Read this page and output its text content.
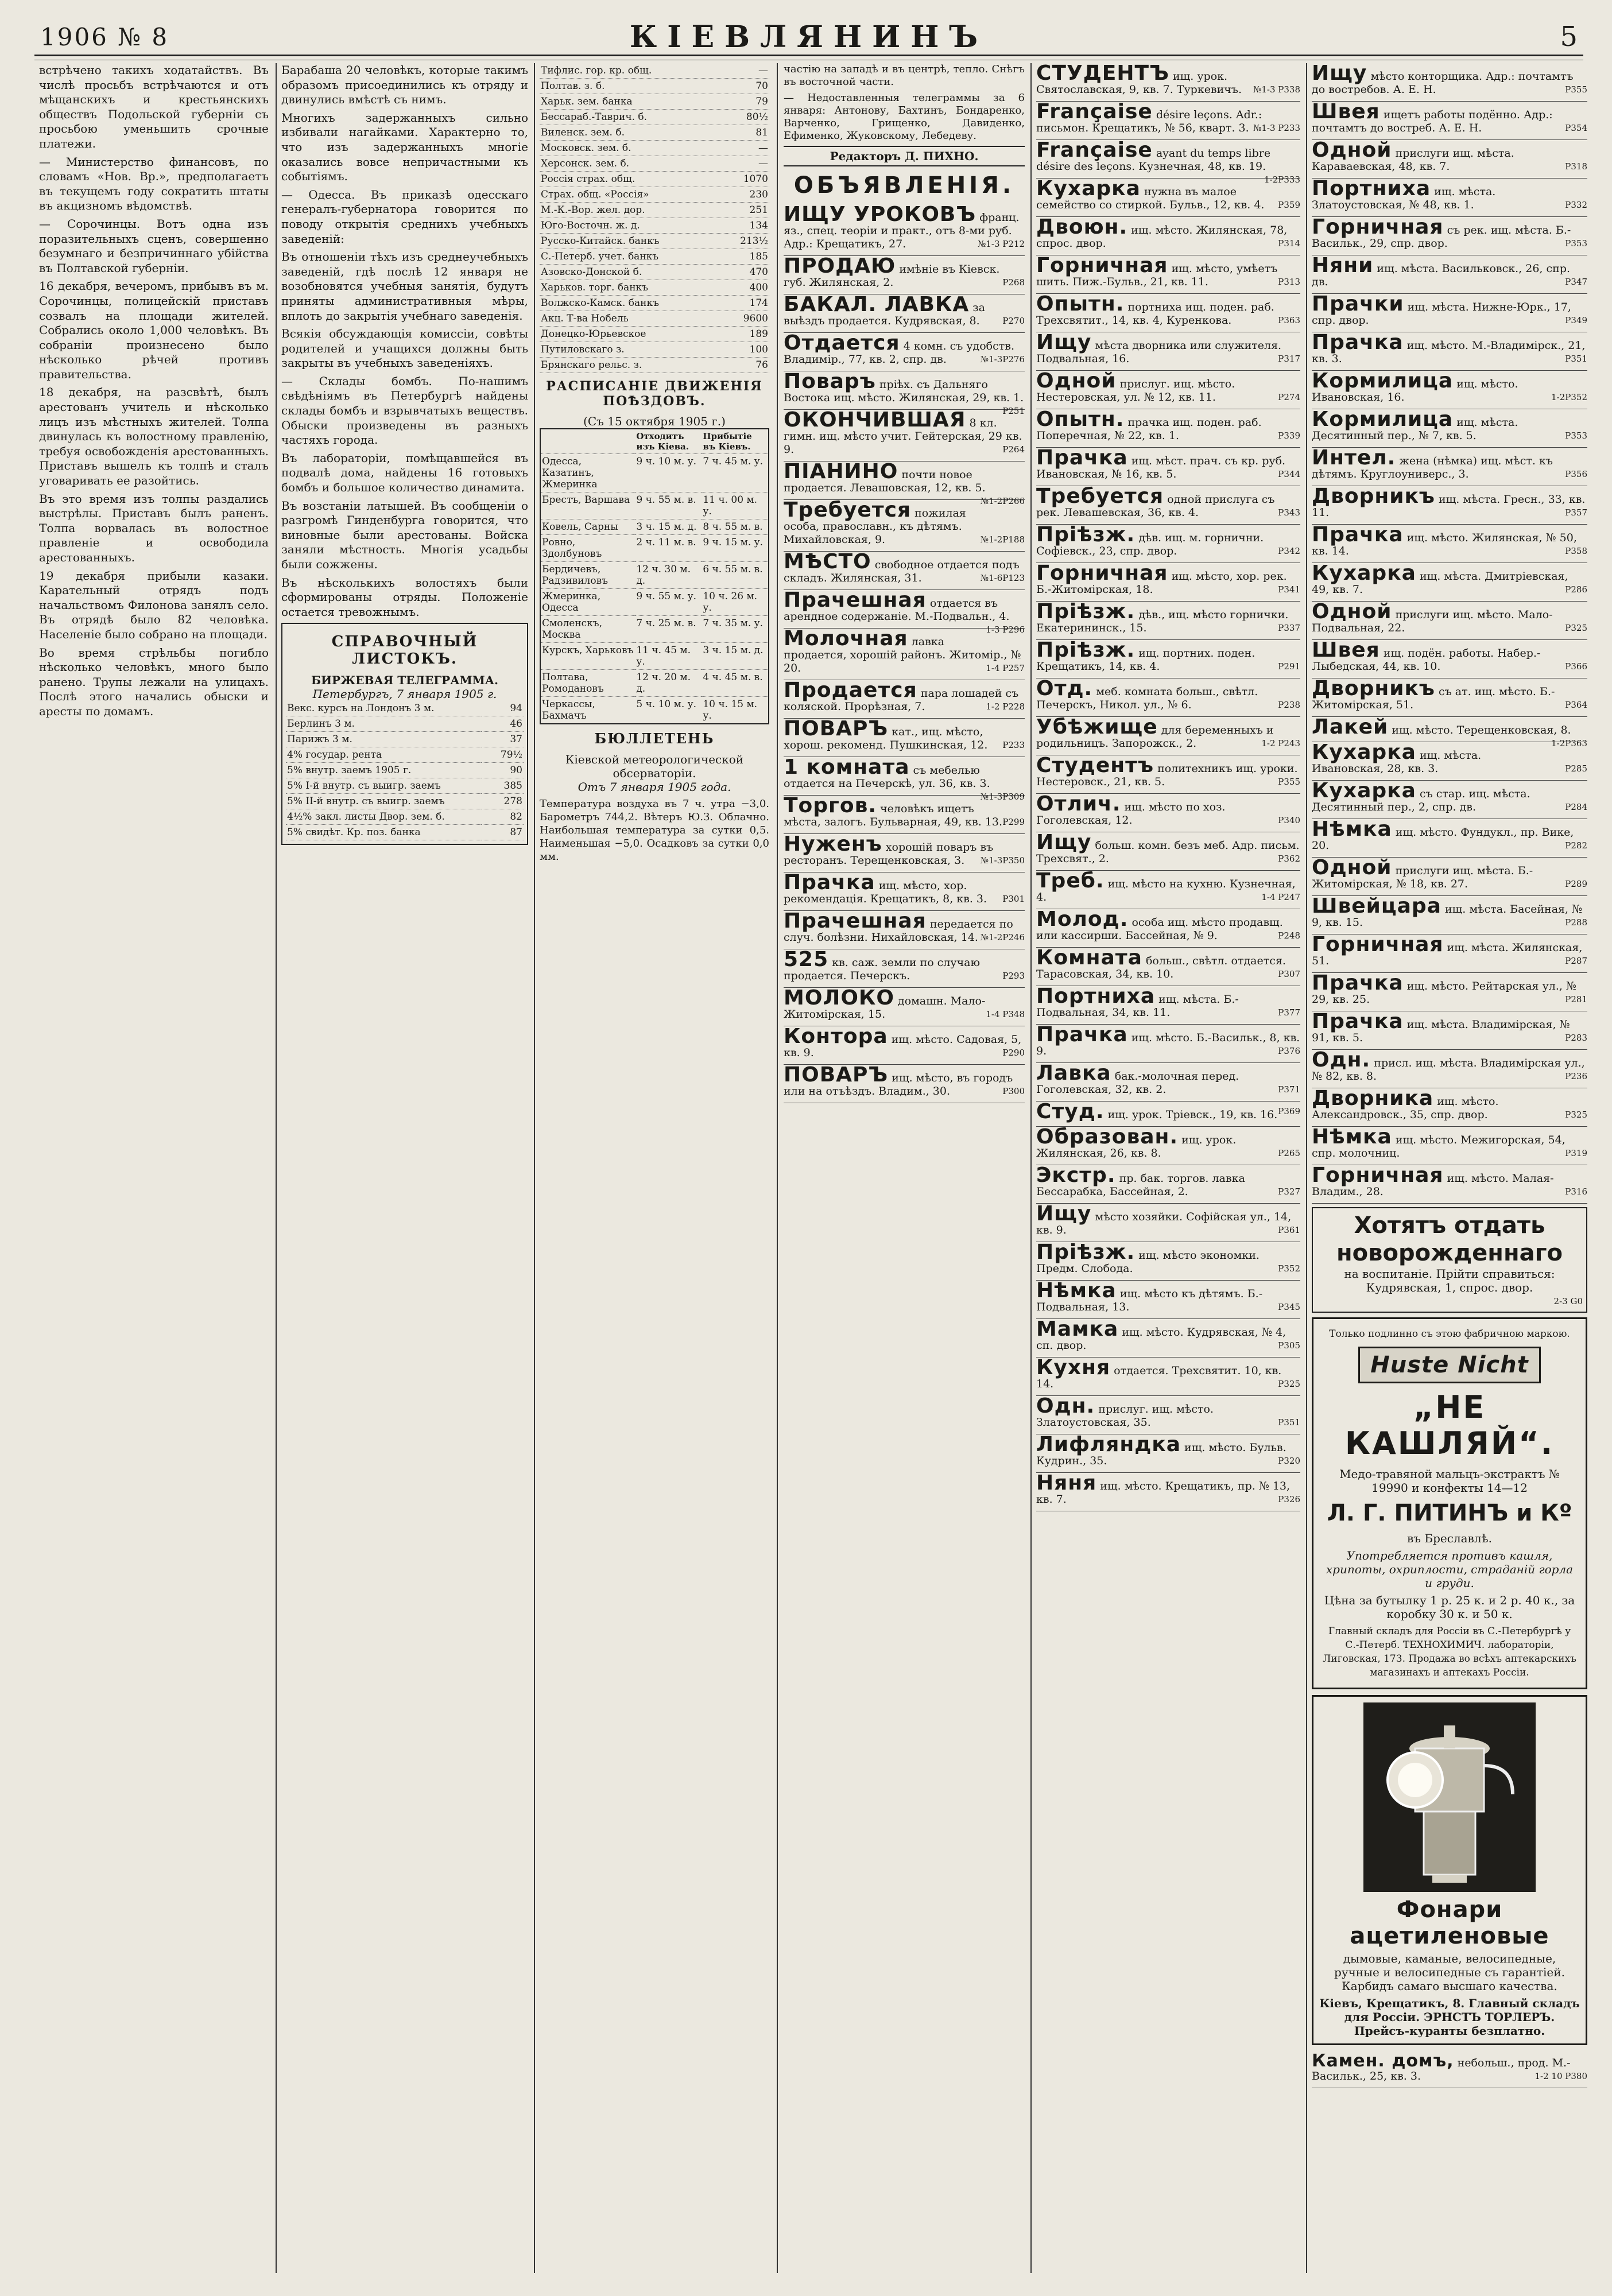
1906 № 8	КІЕВЛЯНИНЪ	5

встрѣчено такихъ ходатайствъ. Въ числѣ просьбъ встрѣчаются и отъ мѣщанскихъ и крестьянскихъ обществъ Подольской губерніи съ просьбою уменьшить срочные платежи.

— Министерство финансовъ, по словамъ «Нов. Вр.», предполагаетъ въ текущемъ году сократить штаты въ акцизномъ вѣдомствѣ.

— Сорочинцы. Вотъ одна изъ поразительныхъ сценъ, совершенно безумнаго и безпричиннаго убійства въ Полтавской губерніи.

16 декабря, вечеромъ, прибывъ въ м. Сорочинцы, полицейскій приставъ созвалъ на площади жителей. Собрались около 1,000 человѣкъ. Въ собраніи произнесено было нѣсколько рѣчей противъ правительства.

18 декабря, на разсвѣтѣ, былъ арестованъ учитель и нѣсколько лицъ изъ мѣстныхъ жителей. Толпа двинулась къ волостному правленію, требуя освобожденія арестованныхъ. Приставъ вышелъ къ толпѣ и сталъ уговаривать ее разойтись.

Въ это время изъ толпы раздались выстрѣлы. Приставъ былъ раненъ. Толпа ворвалась въ волостное правленіе и освободила арестованныхъ.

19 декабря прибыли казаки. Карательный отрядъ подъ начальствомъ Филонова занялъ село. Въ отрядѣ было 82 человѣка. Населеніе было собрано на площади.

Во время стрѣльбы погибло нѣсколько человѣкъ, много было ранено. Трупы лежали на улицахъ. Послѣ этого начались обыски и аресты по домамъ.

Барабаша 20 человѣкъ, которые такимъ образомъ присоединились къ отряду и двинулись вмѣстѣ съ нимъ.

Многихъ задержанныхъ сильно избивали нагайками. Характерно то, что изъ задержанныхъ многіе оказались вовсе непричастными къ событіямъ.

— Одесса. Въ приказѣ одесскаго генералъ-губернатора говорится по поводу открытія среднихъ учебныхъ заведеній:

Въ отношеніи тѣхъ изъ среднеучебныхъ заведеній, гдѣ послѣ 12 января не возобновятся учебныя занятія, будутъ приняты административныя мѣры, вплоть до закрытія учебнаго заведенія.

Всякія обсуждающія комиссіи, совѣты родителей и учащихся должны быть закрыты въ учебныхъ заведеніяхъ.

— Склады бомбъ. По-нашимъ свѣдѣніямъ въ Петербургѣ найдены склады бомбъ и взрывчатыхъ веществъ. Обыски произведены въ разныхъ частяхъ города.

Въ лабораторіи, помѣщавшейся въ подвалѣ дома, найдены 16 готовыхъ бомбъ и большое количество динамита.

Въ возстаніи латышей. Въ сообщеніи о разгромѣ Гинденбурга говорится, что виновные были арестованы. Войска заняли мѣстность. Многія усадьбы были сожжены.

Въ нѣсколькихъ волостяхъ были сформированы отряды. Положеніе остается тревожнымъ.

СПРАВОЧНЫЙ ЛИСТОКЪ.
БИРЖЕВАЯ ТЕЛЕГРАММА.
Петербургъ, 7 января 1905 г.
Векс. курсъ на Лондонъ 3 м.	94
Берлинъ 3 м.	46
Парижъ 3 м.	37
4% государ. рента	79½
5% внутр. заемъ 1905 г.	90
5% I-й внутр. съ выигр. заемъ	385
5% II-й внутр. съ выигр. заемъ	278
4½% закл. листы Двор. зем. б.	82
5% свидѣт. Кр. поз. банка	87
Тифлис. гор. кр. общ.	—
Полтав. з. б.	70
Харьк. зем. банка	79
Бессараб.-Таврич. б.	80½
Виленск. зем. б.	81
Московск. зем. б.	—
Херсонск. зем. б.	—
Россія страх. общ.	1070
Страх. общ. «Россія»	230
М.-К.-Вор. жел. дор.	251
Юго-Восточн. ж. д.	134
Русско-Китайск. банкъ	213½
С.-Петерб. учет. банкъ	185
Азовско-Донской б.	470
Харьков. торг. банкъ	400
Волжско-Камск. банкъ	174
Акц. Т-ва Нобель	9600
Донецко-Юрьевское	189
Путиловскаго з.	100
Брянскаго рельс. з.	76
РАСПИСАНІЕ ДВИЖЕНІЯ ПОѢЗДОВЪ.
(Съ 15 октября 1905 г.)
	Отходитъ изъ Кіева.	Прибытіе въ Кіевъ.
Одесса, Казатинъ, Жмеринка	9 ч. 10 м. у.	7 ч. 45 м. у.
Брестъ, Варшава	9 ч. 55 м. в.	11 ч. 00 м. у.
Ковель, Сарны	3 ч. 15 м. д.	8 ч. 55 м. в.
Ровно, Здолбуновъ	2 ч. 11 м. в.	9 ч. 15 м. у.
Бердичевъ, Радзивиловъ	12 ч. 30 м. д.	6 ч. 55 м. в.
Жмеринка, Одесса	9 ч. 55 м. у.	10 ч. 26 м. у.
Смоленскъ, Москва	7 ч. 25 м. в.	7 ч. 35 м. у.
Курскъ, Харьковъ	11 ч. 45 м. у.	3 ч. 15 м. д.
Полтава, Ромодановъ	12 ч. 20 м. д.	4 ч. 45 м. в.
Черкассы, Бахмачъ	5 ч. 10 м. у.	10 ч. 15 м. у.
БЮЛЛЕТЕНЬ
Кіевской метеорологической обсерваторіи.
Отъ 7 января 1905 года.

Температура воздуха въ 7 ч. утра −3,0. Барометръ 744,2. Вѣтеръ Ю.З. Облачно. Наибольшая температура за сутки 0,5. Наименьшая −5,0. Осадковъ за сутки 0,0 мм.

частію на западѣ и въ центрѣ, тепло. Снѣгъ въ восточной части.

— Недоставленныя телеграммы за 6 января: Антонову, Бахтинъ, Бондаренко, Варченко, Грищенко, Давиденко, Ефименко, Жуковскому, Лебедеву.

Редакторъ Д. ПИХНО.
ОБЪЯВЛЕНІЯ.
ИЩУ УРОКОВЪ франц. яз., спец. теоріи и практ., отъ 8-ми руб. Адр.: Крещатикъ, 27.	№1-3 P212
ПРОДАЮ имѣніе въ Кіевск. губ. Жилянская, 2.	P268
БАКАЛ. ЛАВКА за выѣздъ продается. Кудрявская, 8.	P270
Отдается 4 комн. съ удобств. Владимір., 77, кв. 2, спр. дв.	№1-3P276
Поваръ пріѣх. съ Дальняго Востока ищ. мѣсто. Жилянская, 29, кв. 1.
P251
ОКОНЧИВШАЯ 8 кл. гимн. ищ. мѣсто учит. Гейтерская, 29 кв. 9.	P264
ПІАНИНО почти новое продается. Левашовская, 12, кв. 5.
№1-2P266
Требуется пожилая особа, православн., къ дѣтямъ. Михайловская, 9.	№1-2P188
МѢСТО свободное отдается подъ складъ. Жилянская, 31.	№1-6P123
Прачешная отдается въ арендное содержаніе. М.-Подвальн., 4.
1-3 P296
Молочная лавка продается, хорошій районъ. Житомір., № 20.	1-4 P257
Продается пара лошадей съ коляской. Прорѣзная, 7.	1-2 P228
ПОВАРЪ кат., ищ. мѣсто, хорош. рекоменд. Пушкинская, 12. P233
1 комната съ мебелью отдается на Печерскѣ, ул. 36, кв. 3.
№1-3P309
Торгов. человѣкъ ищетъ мѣста, залогъ. Бульварная, 49, кв. 13. P299
Нуженъ хорошій поваръ въ ресторанъ. Терещенковская, 3. №1-3P350
Прачка ищ. мѣсто, хор. рекомендація. Крещатикъ, 8, кв. 3. P301
Прачешная передается по случ. болѣзни. Нихайловская, 14. №1-2P246
525 кв. саж. земли по случаю продается. Печерскъ.	P293
МОЛОКО домашн. Мало-Житомірская, 15.	1-4 P348
Контора ищ. мѣсто. Садовая, 5, кв. 9.	P290
ПОВАРЪ ищ. мѣсто, въ городъ или на отъѣздъ. Владим., 30.	P300
СТУДЕНТЪ ищ. урок. Святославская, 9, кв. 7. Туркевичъ. №1-3 P338
Française désire leçons. Adr.: письмон. Крещатикъ, № 56, кварт. 3. №1-3 P233
Française ayant du temps libre désire des leçons. Кузнечная, 48, кв. 19.
1-2P333
Кухарка нужна въ малое семейство со стиркой. Бульв., 12, кв. 4. P359
Двоюн. ищ. мѣсто. Жилянская, 78, спрос. двор.	P314
Горничная ищ. мѣсто, умѣетъ шить. Пиж.-Бульв., 21, кв. 11.	P313
Опытн. портниха ищ. поден. раб. Трехсвятит., 14, кв. 4, Куренкова.	P363
Ищу мѣста дворника или служителя. Подвальная, 16.	P317
Одной прислуг. ищ. мѣсто. Нестеровская, ул. № 12, кв. 11.	P274
Опытн. прачка ищ. поден. раб. Поперечная, № 22, кв. 1.	P339
Прачка ищ. мѣст. прач. съ кр. руб. Ивановская, № 16, кв. 5.	P344
Требуется одной прислуга съ рек. Левашевская, 36, кв. 4.	P343
Пріѣзж. дѣв. ищ. м. горнични. Софіевск., 23, спр. двор.	P342
Горничная ищ. мѣсто, хор. рек. Б.-Житомірская, 18.	P341
Пріѣзж. дѣв., ищ. мѣсто горнички. Екатерининск., 15.	P337
Пріѣзж. ищ. портних. поден. Крещатикъ, 14, кв. 4.	P291
Отд. меб. комната больш., свѣтл. Печерскъ, Никол. ул., № 6.	P238
Убѣжище для беременныхъ и родильницъ. Запорожск., 2.	1-2 P243
Студентъ политехникъ ищ. уроки. Нестеровск., 21, кв. 5.	P355
Отлич. ищ. мѣсто по хоз. Гоголевская, 12.	P340
Ищу больш. комн. безъ меб. Адр. письм. Трехсвят., 2.	P362
Треб. ищ. мѣсто на кухню. Кузнечная, 4.	1-4 P247
Молод. особа ищ. мѣсто продавщ. или кассирши. Бассейная, № 9.	P248
Комната больш., свѣтл. отдается. Тарасовская, 34, кв. 10.	P307
Портниха ищ. мѣста. Б.-Подвальная, 34, кв. 11.	P377
Прачка ищ. мѣсто. Б.-Васильк., 8, кв. 9.	P376
Лавка бак.-молочная перед. Гоголевская, 32, кв. 2.	P371
Студ. ищ. урок. Тріевск., 19, кв. 16. P369
Образован. ищ. урок. Жилянская, 26, кв. 8.	P265
Экстр. пр. бак. торгов. лавка Бессарабка, Бассейная, 2.	P327
Ищу мѣсто хозяйки. Софійская ул., 14, кв. 9.	P361
Пріѣзж. ищ. мѣсто экономки. Предм. Слобода.	P352
Нѣмка ищ. мѣсто къ дѣтямъ. Б.-Подвальная, 13.	P345
Мамка ищ. мѣсто. Кудрявская, № 4, сп. двор.	P305
Кухня отдается. Трехсвятит. 10, кв. 14.	P325
Одн. прислуг. ищ. мѣсто. Златоустовская, 35.	P351
Лифляндка ищ. мѣсто. Бульв. Кудрин., 35.	P320
Няня ищ. мѣсто. Крещатикъ, пр. № 13, кв. 7.	P326
Ищу мѣсто конторщика. Адр.: почтамтъ до востребов. А. Е. Н.	P355
Швея ищетъ работы подённо. Адр.: почтамтъ до востреб. А. Е. Н.	P354
Одной прислуги ищ. мѣста. Караваевская, 48, кв. 7.	P318
Портниха ищ. мѣста. Златоустовская, № 48, кв. 1.	P332
Горничная съ рек. ищ. мѣста. Б.-Васильк., 29, спр. двор.	P353
Няни ищ. мѣста. Васильковск., 26, спр. дв.	P347
Прачки ищ. мѣста. Нижне-Юрк., 17, спр. двор.	P349
Прачка ищ. мѣсто. М.-Владимірск., 21, кв. 3.	P351
Кормилица ищ. мѣсто. Ивановская, 16.	1-2P352
Кормилица ищ. мѣста. Десятинный пер., № 7, кв. 5.	P353
Интел. жена (нѣмка) ищ. мѣст. къ дѣтямъ. Круглоуниверс., 3.	P356
Дворникъ ищ. мѣста. Гресн., 33, кв. 11.	P357
Прачка ищ. мѣсто. Жилянская, № 50, кв. 14.	P358
Кухарка ищ. мѣста. Дмитріевская, 49, кв. 7.	P286
Одной прислуги ищ. мѣсто. Мало-Подвальная, 22.	P325
Швея ищ. подён. работы. Набер.-Лыбедская, 44, кв. 10.	P366
Дворникъ съ ат. ищ. мѣсто. Б.-Житомірская, 51.	P364
Лакей ищ. мѣсто. Терещенковская, 8.
1-2P363
Кухарка ищ. мѣста. Ивановская, 28, кв. 3.	P285
Кухарка съ стар. ищ. мѣста. Десятинный пер., 2, спр. дв.	P284
Нѣмка ищ. мѣсто. Фундукл., пр. Вике, 20.	P282
Одной прислуги ищ. мѣста. Б.-Житомірская, № 18, кв. 27.	P289
Швейцара ищ. мѣста. Басейная, № 9, кв. 15.	P288
Горничная ищ. мѣста. Жилянская, 51.	P287
Прачка ищ. мѣсто. Рейтарская ул., № 29, кв. 25.	P281
Прачка ищ. мѣста. Владимірская, № 91, кв. 5.	P283
Одн. присл. ищ. мѣста. Владимірская ул., № 82, кв. 8.	P236
Дворника ищ. мѣсто. Александровск., 35, спр. двор.	P325
Нѣмка ищ. мѣсто. Межигорская, 54, спр. молочниц.	P319
Горничная ищ. мѣсто. Малая-Владим., 28.	P316
Хотятъ отдать новорожденнаго
на воспитаніе. Прійти справиться: Кудрявская, 1, спрос. двор.
2-3 G0
Только подлинно съ этою фабричною маркою.
Huste Nicht
„НЕ КАШЛЯЙ“.
Медо-травяной мальцъ-экстрактъ № 19990 и конфекты 14—12
Л. Г. ПИТИНЪ и Кº
въ Бреславлѣ.
Употребляется противъ кашля, хрипоты, охриплости, страданій горла и груди.
Цѣна за бутылку 1 р. 25 к. и 2 р. 40 к., за коробку 30 к. и 50 к.
Главный складъ для Россіи въ С.-Петербургѣ у С.-Петерб. ТЕХНОХИМИЧ. лабораторіи, Лиговская, 173. Продажа во всѣхъ аптекарскихъ магазинахъ и аптекахъ Россіи.
Фонари ацетиленовые
дымовые, каманые, велосипедные, ручные и велосипедные съ гарантіей. Карбидъ самаго высшаго качества.
Кіевъ, Крещатикъ, 8. Главный складъ для Россіи. ЭРНСТЪ ТОРЛЕРЪ. Прейсъ-куранты безплатно.
Камен. домъ, небольш., прод. М.-Васильк., 25, кв. 3.	1-2 10 P380
